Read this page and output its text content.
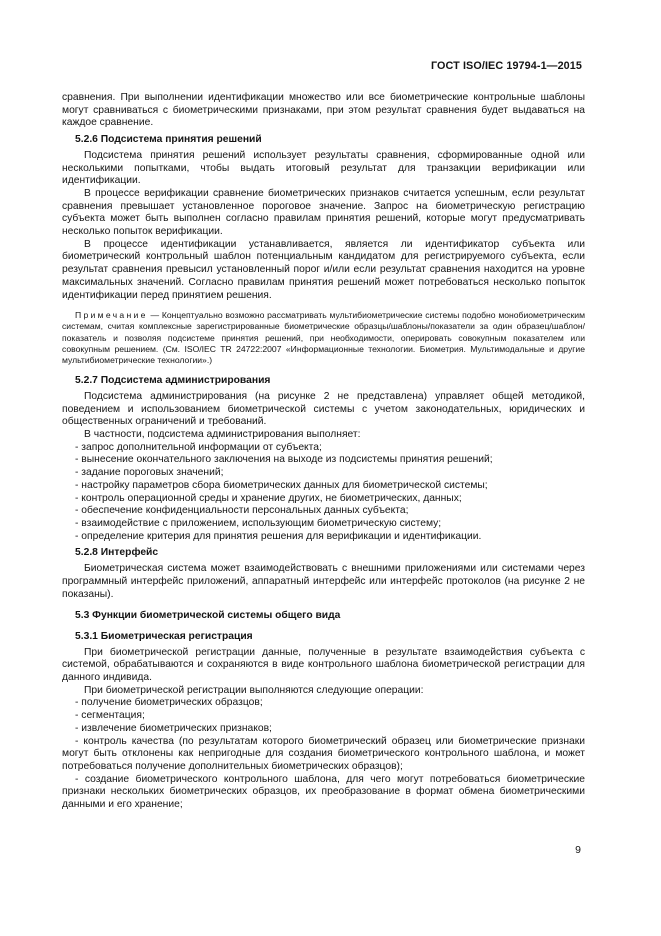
ГОСТ ISO/IEC 19794-1—2015

сравнения. При выполнении идентификации множество или все биометрические контрольные шаблоны могут сравниваться с биометрическими признаками, при этом результат сравнения будет выдаваться на каждое сравнение.

5.2.6 Подсистема принятия решений

Подсистема принятия решений использует результаты сравнения, сформированные одной или несколькими попытками, чтобы выдать итоговый результат для транзакции верификации или идентификации.

В процессе верификации сравнение биометрических признаков считается успешным, если результат сравнения превышает установленное пороговое значение. Запрос на биометрическую регистрацию субъекта может быть выполнен согласно правилам принятия решений, которые могут предусматривать несколько попыток верификации.

В процессе идентификации устанавливается, является ли идентификатор субъекта или биометрический контрольный шаблон потенциальным кандидатом для регистрируемого субъекта, если результат сравнения превысил установленный порог и/или если результат сравнения находится на уровне максимальных значений. Согласно правилам принятия решений может потребоваться несколько попыток идентификации перед принятием решения.

Примечание — Концептуально возможно рассматривать мультибиометрические системы подобно монобиометрическим системам, считая комплексные зарегистрированные биометрические образцы/шаблоны/показатели за один образец/шаблон/показатель и позволяя подсистеме принятия решений, при необходимости, оперировать совокупным показателем или совокупным решением. (См. ISO/IEC TR 24722:2007 «Информационные технологии. Биометрия. Мультимодальные и другие мультибиометрические технологии».)

5.2.7 Подсистема администрирования

Подсистема администрирования (на рисунке 2 не представлена) управляет общей методикой, поведением и использованием биометрической системы с учетом законодательных, юридических и общественных ограничений и требований.

В частности, подсистема администрирования выполняет:

- запрос дополнительной информации от субъекта;

- вынесение окончательного заключения на выходе из подсистемы принятия решений;

- задание пороговых значений;

- настройку параметров сбора биометрических данных для биометрической системы;

- контроль операционной среды и хранение других, не биометрических, данных;

- обеспечение конфиденциальности персональных данных субъекта;

- взаимодействие с приложением, использующим биометрическую систему;

- определение критерия для принятия решения для верификации и идентификации.

5.2.8 Интерфейс

Биометрическая система может взаимодействовать с внешними приложениями или системами через программный интерфейс приложений, аппаратный интерфейс или интерфейс протоколов (на рисунке 2 не показаны).

5.3 Функции биометрической системы общего вида
5.3.1 Биометрическая регистрация

При биометрической регистрации данные, полученные в результате взаимодействия субъекта с системой, обрабатываются и сохраняются в виде контрольного шаблона биометрической регистрации для данного индивида.

При биометрической регистрации выполняются следующие операции:

- получение биометрических образцов;

- сегментация;

- извлечение биометрических признаков;

- контроль качества (по результатам которого биометрический образец или биометрические признаки могут быть отклонены как непригодные для создания биометрического контрольного шаблона, и может потребоваться получение дополнительных биометрических образцов);

- создание биометрического контрольного шаблона, для чего могут потребоваться биометрические признаки нескольких биометрических образцов, их преобразование в формат обмена биометрическими данными и его хранение;

9
